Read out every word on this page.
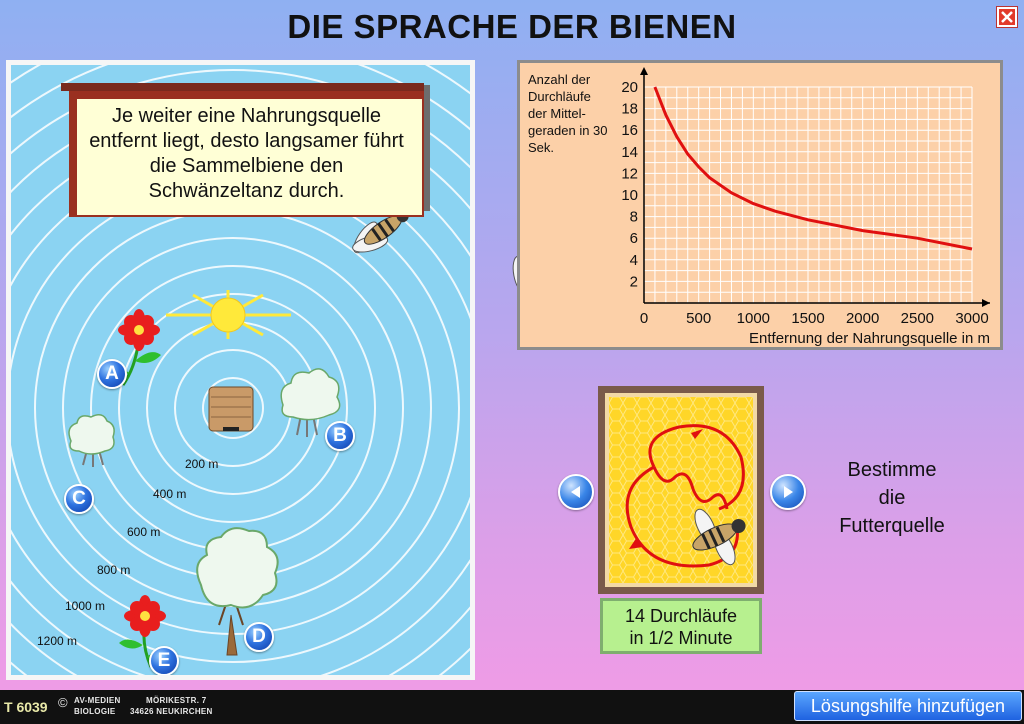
DIE SPRACHE DER BIENEN
Je weiter eine Nahrungsquelle entfernt liegt, desto langsamer führt die Sammelbiene den Schwänzeltanz durch.
200 m
400 m
600 m
800 m
1000 m
1200 m
A
B
C
D
E
Anzahl der Durchläufe der Mittel-geraden in 30 Sek.
0	500 1000 1500 2000 2500 3000
2
4
6
8
10
12
14
16
18
20
Entfernung der Nahrungsquelle in m
14 Durchläufe
in 1/2 Minute
Bestimme
die
Futterquelle
T 6039 © AV-MEDIEN
BIOLOGIE
MÖRIKESTR. 7
34626 NEUKIRCHEN	Lösungshilfe hinzufügen
